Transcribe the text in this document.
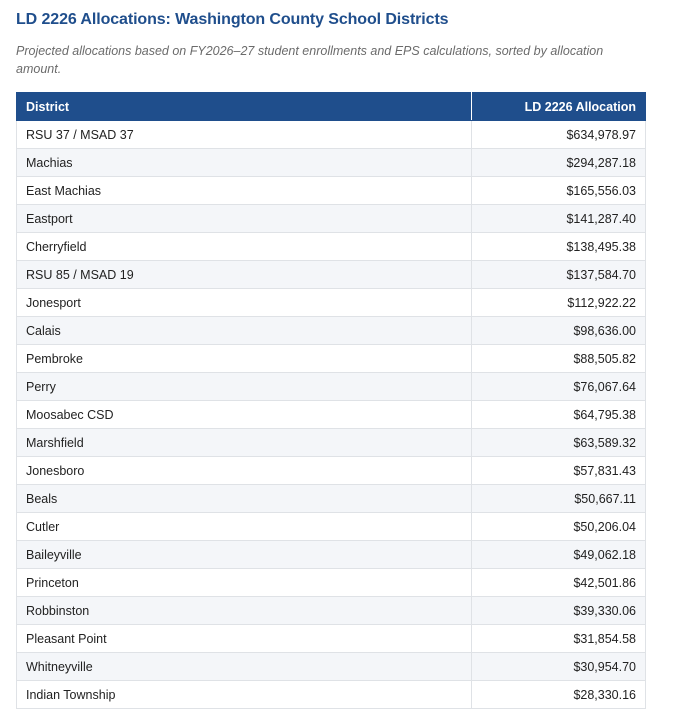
LD 2226 Allocations: Washington County School Districts

Projected allocations based on FY2026–27 student enrollments and EPS calculations, sorted by allocation amount.

District	LD 2226 Allocation
RSU 37 / MSAD 37	$634,978.97
Machias	$294,287.18
East Machias	$165,556.03
Eastport	$141,287.40
Cherryfield	$138,495.38
RSU 85 / MSAD 19	$137,584.70
Jonesport	$112,922.22
Calais	$98,636.00
Pembroke	$88,505.82
Perry	$76,067.64
Moosabec CSD	$64,795.38
Marshfield	$63,589.32
Jonesboro	$57,831.43
Beals	$50,667.11
Cutler	$50,206.04
Baileyville	$49,062.18
Princeton	$42,501.86
Robbinston	$39,330.06
Pleasant Point	$31,854.58
Whitneyville	$30,954.70
Indian Township	$28,330.16
